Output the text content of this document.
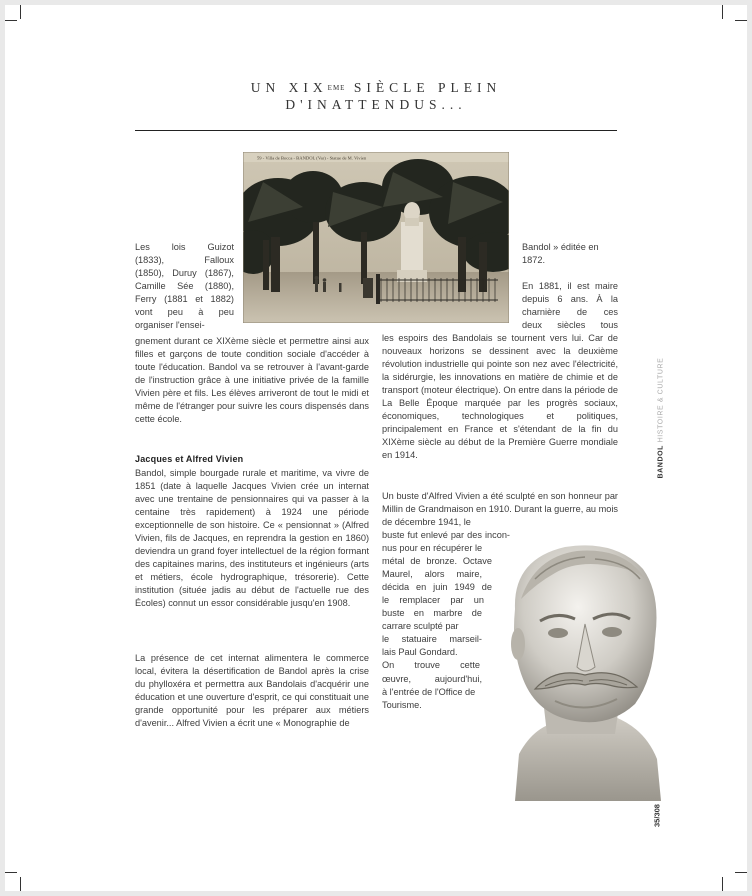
UN XIXEME SIÈCLE PLEIN
D'INATTENDUS...
59 - Villa de Bocca - BANDOL (Var) - Statue de M. Vivien
Les lois Guizot
(1833), Falloux
(1850), Duruy (1867),
Camille Sée (1880),
Ferry (1881 et 1882)
vont peu à peu
organiser l'ensei-
gnement durant ce XIXème siècle et permettre ainsi aux filles et garçons de toute condition sociale d'accéder à toute l'éducation. Bandol va se retrouver à l'avant-garde de l'instruction grâce à une initiative privée de la famille Vivien père et fils. Les élèves arriveront de tout le midi et même de l'étranger pour suivre les cours dispensés dans cette école.
Jacques et Alfred Vivien
Bandol, simple bourgade rurale et maritime, va vivre de 1851 (date à laquelle Jacques Vivien crée un internat avec une trentaine de pensionnaires qui va passer à la centaine très rapidement) à 1924 une période exceptionnelle de son histoire. Ce « pensionnat » (Alfred Vivien, fils de Jacques, en reprendra la gestion en 1860) deviendra un grand foyer intellectuel de la région formant des capitaines marins, des instituteurs et ingénieurs (arts et métiers, école hydrographique, trésorerie). Cette institution (située jadis au début de l'actuelle rue des Écoles) connut un essor considérable jusqu'en 1908.
La présence de cet internat alimentera le commerce local, évitera la désertification de Bandol après la crise du phylloxéra et permettra aux Bandolais d'acquérir une éducation et une ouverture d'esprit, ce qui constituait une grande opportunité pour les préparer aux métiers d'avenir... Alfred Vivien a écrit une « Monographie de
Bandol » éditée en
1872.
En 1881, il est maire
depuis 6 ans. À la
charnière de ces
deux siècles tous
les espoirs des Bandolais se tournent vers lui. Car de nouveaux horizons se dessinent avec la deuxième révolution industrielle qui pointe son nez avec l'électricité, la sidérurgie, les innovations en matière de chimie et de transport (moteur électrique). On entre dans la période de La Belle Époque marquée par les progrès sociaux, économiques, technologiques et politiques, principalement en France et s'étendant de la fin du XIXème siècle au début de la Première Guerre mondiale en 1914.
Un buste d'Alfred Vivien a été sculpté en son honneur par Millin de Grandmaison en 1910. Durant la guerre, au mois de décembre 1941, le
buste fut enlevé par des incon-
nus pour en récupérer le
métal de bronze. Octave
Maurel, alors maire,
décida en juin 1949 de
le remplacer par un
buste en marbre de
carrare sculpté par
le statuaire marseil-
lais Paul Gondard.
On trouve cette
œuvre, aujourd'hui,
à l'entrée de l'Office de
Tourisme.
BANDOL HISTOIRE & CULTURE
35/308
